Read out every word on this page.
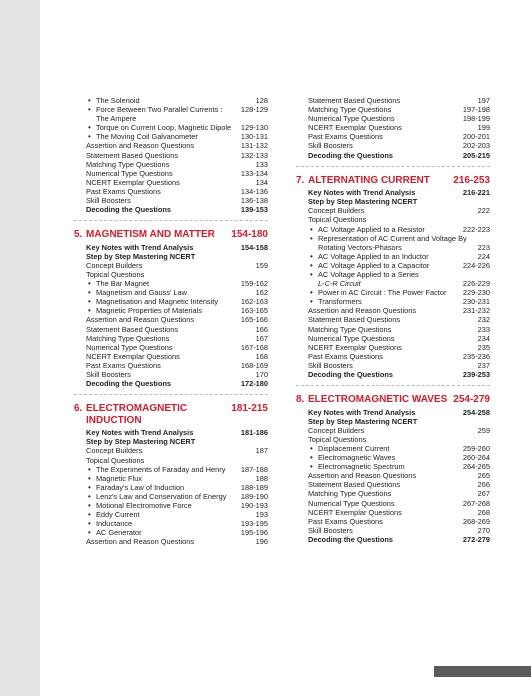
• The Solenoid	128
• Force Between Two Parallel Currents :	128-129
The Ampere
• Torque on Current Loop, Magnetic Dipole	129-130
• The Moving Coil Galvanometer	130-131
Assertion and Reason Questions	131-132
Statement Based Questions	132-133
Matching Type Questions	133
Numerical Type Questions	133-134
NCERT Exemplar Questions	134
Past Exams Questions	134-136
Skill Boosters	136-138
Decoding the Questions	139-153
5. MAGNETISM AND MATTER	154-180
Key Notes with Trend Analysis	154-158
Step by Step Mastering NCERT
Concept Builders	159
Topical Questions
• The Bar Magnet	159-162
• Magnetism and Gauss' Law	162
• Magnetisation and Magnetic Intensity	162-163
• Magnetic Properties of Materials	163-165
Assertion and Reason Questions	165-166
Statement Based Questions	166
Matching Type Questions	167
Numerical Type Questions	167-168
NCERT Exemplar Questions	168
Past Exams Questions	168-169
Skill Boosters	170
Decoding the Questions	172-180
6. ELECTROMAGNETIC INDUCTION
181-215
Key Notes with Trend Analysis	181-186
Step by Step Mastering NCERT
Concept Builders	187
Topical Questions
• The Experiments of Faraday and Henry	187-188
• Magnetic Flux	188
• Faraday's Law of Induction	188-189
• Lenz's Law and Conservation of Energy	189-190
• Motional Electromotive Force	190-193
• Eddy Current	193
• Inductance	193-195
• AC Generator	195-196
Assertion and Reason Questions	196
Statement Based Questions	197
Matching Type Questions	197-198
Numerical Type Questions	198-199
NCERT Exemplar Questions	199
Past Exams Questions	200-201
Skill Boosters	202-203
Decoding the Questions	205-215
7. ALTERNATING CURRENT	216-253
Key Notes with Trend Analysis	216-221
Step by Step Mastering NCERT
Concept Builders	222
Topical Questions
• AC Voltage Applied to a Resistor	222-223
• Representation of AC Current and Voltage By
Rotating Vectors-Phasors	223
• AC Voltage Applied to an Inductor	224
• AC Voltage Applied to a Capacitor	224-226
• AC Voltage Applied to a Series
L-C-R Circuit	226-229
• Power in AC Circuit : The Power Factor	229-230
• Transformers	230-231
Assertion and Reason Questions	231-232
Statement Based Questions	232
Matching Type Questions	233
Numerical Type Questions	234
NCERT Exemplar Questions	235
Past Exams Questions	235-236
Skill Boosters	237
Decoding the Questions	239-253
8. ELECTROMAGNETIC WAVES 254-279
Key Notes with Trend Analysis	254-258
Step by Step Mastering NCERT
Concept Builders	259
Topical Questions
• Displacement Current	259-260
• Electromagnetic Waves	260-264
• Electromagnetic Spectrum	264-265
Assertion and Reason Questions	265
Statement Based Questions	266
Matching Type Questions	267
Numerical Type Questions	267-268
NCERT Exemplar Questions	268
Past Exams Questions	268-269
Skill Boosters	270
Decoding the Questions	272-279
